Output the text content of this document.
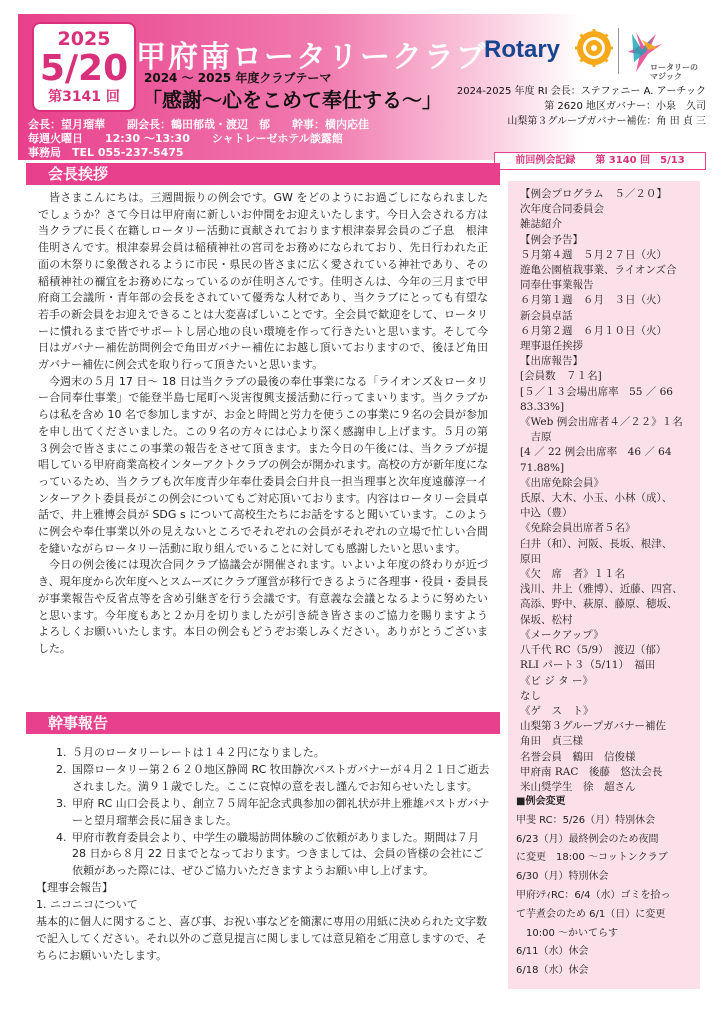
2025
5/20
第3141 回
甲府南ロータリークラブ
2024 ～ 2025 年度クラブテーマ
「感謝～心をこめて奉仕する～」
会長：望月瑠華　　副会長：鶴田郁哉・渡辺　郁　　幹事：横内応佳
毎週火曜日　　12:30 ～13:30　　シャトレーゼホテル談露館
事務局　TEL 055-237-5475
Rotary
ロータリーの
マジック
2024-2025 年度 RI 会長：ステファニー A. アーチック
第 2620 地区ガバナー：小泉　久司
山梨第３グループガバナー補佐：角 田 貞 三
前回例会記録　　第 3140 回　5/13
会長挨拶

皆さまこんにちは。三週間振りの例会です。GW をどのようにお過ごしになられましたでしょうか？さて今日は甲府南に新しいお仲間をお迎えいたします。今日入会される方は当クラブに長く在籍しロータリー活動に貢献されております根津泰昇会員のご子息　根津佳明さんです。根津泰昇会員は稲積神社の宮司をお務めになられており、先日行われた正面の木祭りに象徴されるように市民・県民の皆さまに広く愛されている神社であり、その稲積神社の禰宜をお務めになっているのが佳明さんです。佳明さんは、今年の三月まで甲府商工会議所・青年部の会長をされていて優秀な人材であり、当クラブにとっても有望な若手の新会員をお迎えできることは大変喜ばしいことです。全会員で歓迎をして、ロータリーに慣れるまで皆でサポートし居心地の良い環境を作って行きたいと思います。そして今日はガバナー補佐訪問例会で角田ガバナー補佐にお越し頂いておりますので、後ほど角田ガバナー補佐に例会式を取り行って頂きたいと思います。

今週末の５月 17 日～ 18 日は当クラブの最後の奉仕事業になる「ライオンズ＆ロータリー合同奉仕事業」で能登半島七尾町へ災害復興支援活動に行ってまいります。当クラブからは私を含め 10 名で参加しますが、お金と時間と労力を使うこの事業に９名の会員が参加を申し出てくださいました。この９名の方々には心より深く感謝申し上げます。５月の第３例会で皆さまにこの事業の報告をさせて頂きます。また今日の午後には、当クラブが提唱している甲府商業高校インターアクトクラブの例会が開かれます。高校の方が新年度になっているため、当クラブも次年度青少年奉仕委員会臼井良一担当理事と次年度遠藤淳一インターアクト委員長がこの例会についてもご対応頂いております。内容はロータリー会員卓話で、井上雅博会員が SDG s について高校生たちにお話をすると聞いています。このように例会や奉仕事業以外の見えないところでそれぞれの会員がそれぞれの立場で忙しい合間を縫いながらロータリー活動に取り組んでいることに対しても感謝したいと思います。

今日の例会後には現次合同クラブ協議会が開催されます。いよいよ年度の終わりが近づき、現年度から次年度へとスムーズにクラブ運営が移行できるように各理事・役員・委員長が事業報告や反省点等を含め引継ぎを行う会議です。有意義な会議となるように努めたいと思います。今年度もあと２か月を切りましたが引き続き皆さまのご協力を賜りますようよろしくお願いいたします。本日の例会もどうぞお楽しみください。ありがとうございました。

幹事報告
1. ５月のロータリーレートは１４２円になりました。
2. 国際ロータリー第２６２０地区静岡 RC 牧田静次パストガバナーが４月２１日ご逝去されました。満９１歳でした。ここに哀悼の意を表し謹んでお知らせいたします。
3. 甲府 RC 山口会長より、創立７５周年記念式典参加の御礼状が井上雅雄パストガバナーと望月瑠華会長に届きました。
4. 甲府市教育委員会より、中学生の職場訪問体験のご依頼がありました。期間は７月 28 日から８月 22 日までとなっております。つきましては、会員の皆様の会社にご依頼があった際には、ぜひご協力いただきますようお願い申し上げます。
【理事会報告】
1. ニコニコについて
基本的に個人に関すること、喜び事、お祝い事などを簡潔に専用の用紙に決められた文字数で記入してください。それ以外のご意見提言に関しましては意見箱をご用意しますので、そちらにお願いいたします。
【例会プログラム　５／２０】
次年度合同委員会
雑誌紹介
【例会予告】
５月第４週　５月２７日（火）
遊亀公園植栽事業、ライオンズ合
同奉仕事業報告
６月第１週　６月　３日（火）
新会員卓話
６月第２週　６月１０日（火）
理事退任挨拶
【出席報告】
[会員数　７１名]
[５／１３会場出席率　55 ／ 66
83.33%]
《Web 例会出席者４／２２》１名
　吉原
[4 ／ 22 例会出席率　46 ／ 64
71.88%]
《出席免除会員》
氏原、大木、小玉、小林（成）、
中込（豊）
《免除会員出席者５名》
臼井（和）、河阪、長坂、根津、
原田
《欠　席　者》１１名
浅川、井上（雅博）、近藤、四宮、
高添、野中、萩原、藤原、穂坂、
保坂、松村
《メークアップ》
八千代 RC（5/9）　渡辺（郁）
RLI パート３（5/11）　福田
《ビ ジ タ ー》
なし
《ゲ　ス　ト》
山梨第３グループガバナー補佐
角田　貞三様
名誉会員　鶴田　信俊様
甲府南 RAC　後藤　悠汰会長
米山奨学生　徐　超さん
■例会変更
甲斐 RC：5/26（月）特別休会
6/23（月）最終例会のため夜間
に変更　18:00 ～コットンクラブ
6/30（月）特別休会
甲府ｼﾃｨRC：6/4（水）ゴミを拾っ
て芋煮会のため 6/1（日）に変更
　10:00 ～かいてらす
6/11（水）休会
6/18（水）休会
